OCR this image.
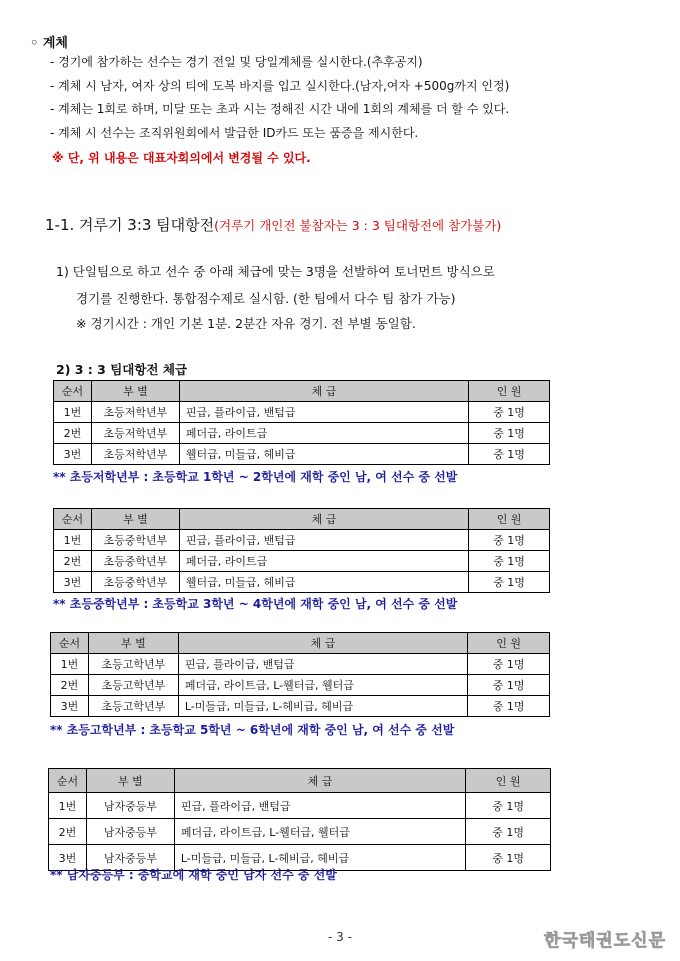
◦ 계체
- 경기에 참가하는 선수는 경기 전일 및 당일계체를 실시한다.(추후공지)
- 계체 시 남자, 여자 상의 티에 도복 바지를 입고 실시한다.(남자,여자 +500g까지 인정)
- 계체는 1회로 하며, 미달 또는 초과 시는 정해진 시간 내에 1회의 계체를 더 할 수 있다.
- 계체 시 선수는 조직위원회에서 발급한 ID카드 또는 품증을 제시한다.
※ 단, 위 내용은 대표자회의에서 변경될 수 있다.
1-1. 겨루기 3:3 팀대항전(겨루기 개인전 불참자는 3 : 3 팀대항전에 참가불가)
1) 단일팀으로 하고 선수 중 아래 체급에 맞는 3명을 선발하여 토너먼트 방식으로
경기를 진행한다. 통합점수제로 실시함. (한 팀에서 다수 팀 참가 가능)
※ 경기시간 : 개인 기본 1분. 2분간 자유 경기. 전 부별 동일함.
2) 3 : 3 팀대항전 체급
순서	부 별	체 급	인 원
1번	초등저학년부	핀급, 플라이급, 밴텀급	중 1명
2번	초등저학년부	페더급, 라이트급	중 1명
3번	초등저학년부	웰터급, 미들급, 헤비급	중 1명
** 초등저학년부 : 초등학교 1학년 ~ 2학년에 재학 중인 남, 여 선수 중 선발
순서	부 별	체 급	인 원
1번	초등중학년부	핀급, 플라이급, 밴텀급	중 1명
2번	초등중학년부	페더급, 라이트급	중 1명
3번	초등중학년부	웰터급, 미들급, 헤비급	중 1명
** 초등중학년부 : 초등학교 3학년 ~ 4학년에 재학 중인 남, 여 선수 중 선발
순서	부 별	체 급	인 원
1번	초등고학년부	핀급, 플라이급, 밴텀급	중 1명
2번	초등고학년부	페더급, 라이트급, L-웰터급, 웰터급	중 1명
3번	초등고학년부	L-미들급, 미들급, L-헤비급, 헤비급	중 1명
** 초등고학년부 : 초등학교 5학년 ~ 6학년에 재학 중인 남, 여 선수 중 선발
순서	부 별	체 급	인 원
1번	남자중등부	핀급, 플라이급, 밴텀급	중 1명
2번	남자중등부	페더급, 라이트급, L-웰터급, 웰터급	중 1명
3번	남자중등부	L-미들급, 미들급, L-헤비급, 헤비급	중 1명
** 남자중등부 : 중학교에 재학 중인 남자 선수 중 선발
- 3 -	한국태권도신문
